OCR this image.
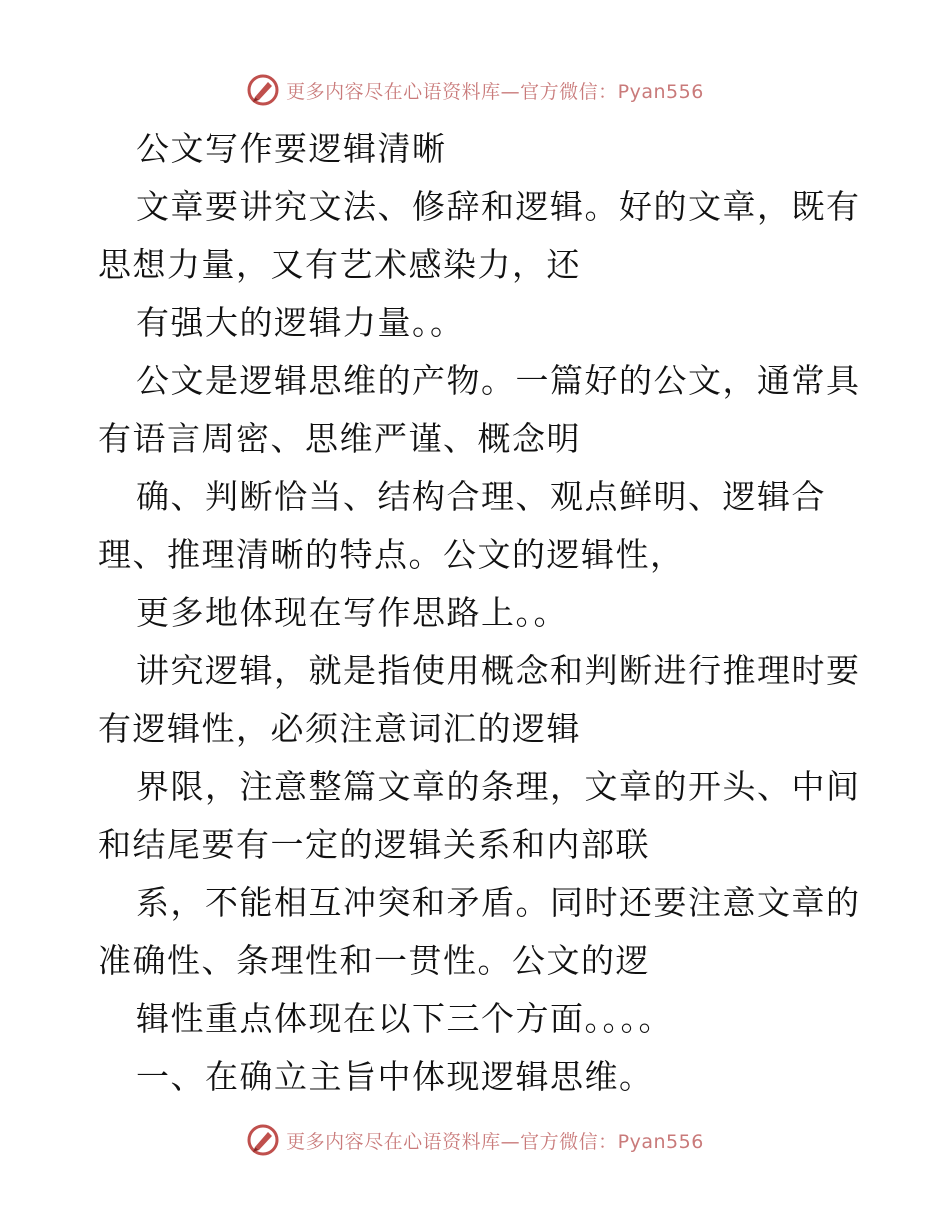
更多内容尽在心语资料库—官方微信：Pyan556
公文写作要逻辑清晰
文章要讲究文法、修辞和逻辑。好的文章，既有
思想力量，又有艺术感染力，还
有强大的逻辑力量。。
公文是逻辑思维的产物。一篇好的公文，通常具
有语言周密、思维严谨、概念明
确、判断恰当、结构合理、观点鲜明、逻辑合
理、推理清晰的特点。公文的逻辑性，
更多地体现在写作思路上。。
讲究逻辑，就是指使用概念和判断进行推理时要
有逻辑性，必须注意词汇的逻辑
界限，注意整篇文章的条理，文章的开头、中间
和结尾要有一定的逻辑关系和内部联
系，不能相互冲突和矛盾。同时还要注意文章的
准确性、条理性和一贯性。公文的逻
辑性重点体现在以下三个方面。。。。
一、在确立主旨中体现逻辑思维。
更多内容尽在心语资料库—官方微信：Pyan556
